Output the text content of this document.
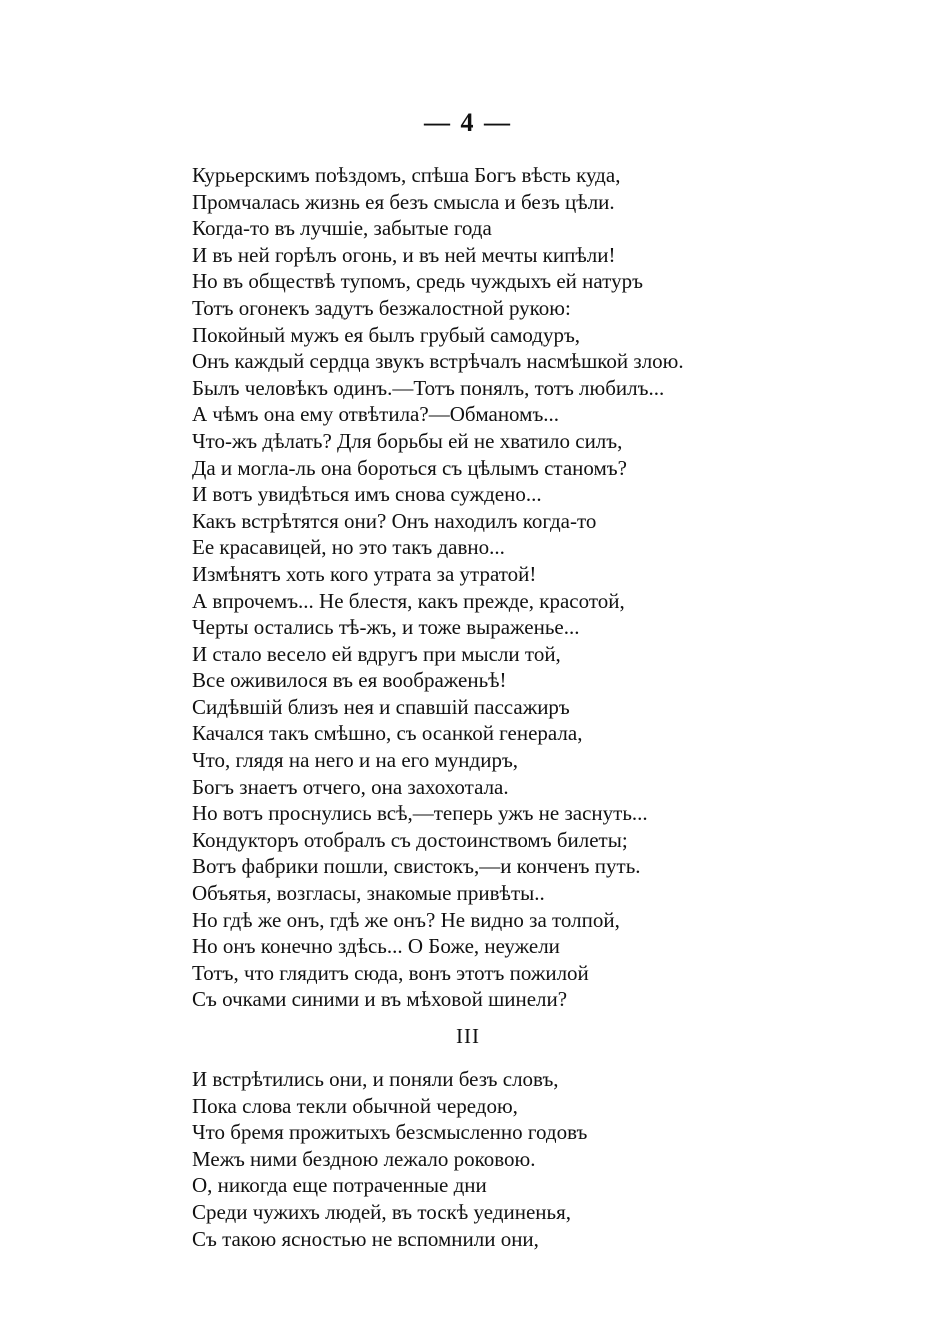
— 4 —
Курьерскимъ поѣздомъ, спѣша Богъ вѣсть куда,
Промчалась жизнь ея безъ смысла и безъ цѣли.
Когда-то въ лучшіе, забытые года
И въ ней горѣлъ огонь, и въ ней мечты кипѣли!
Но въ обществѣ тупомъ, средь чуждыхъ ей натуръ
Тотъ огонекъ задутъ безжалостной рукою:
Покойный мужъ ея былъ грубый самодуръ,
Онъ каждый сердца звукъ встрѣчалъ насмѣшкой злою.
Былъ человѣкъ одинъ.—Тотъ понялъ, тотъ любилъ...
А чѣмъ она ему отвѣтила?—Обманомъ...
Что-жъ дѣлать? Для борьбы ей не хватило силъ,
Да и могла-ль она бороться съ цѣлымъ станомъ?
И вотъ увидѣться имъ снова суждено...
Какъ встрѣтятся они? Онъ находилъ когда-то
Ее красавицей, но это такъ давно...
Измѣнятъ хоть кого утрата за утратой!
А впрочемъ... Не блестя, какъ прежде, красотой,
Черты остались тѣ-жъ, и тоже выраженье...
И стало весело ей вдругъ при мысли той,
Все оживилося въ ея воображеньѣ!
Сидѣвшій близъ нея и спавшій пассажиръ
Качался такъ смѣшно, съ осанкой генерала,
Что, глядя на него и на его мундиръ,
Богъ знаетъ отчего, она захохотала.
Но вотъ проснулись всѣ,—теперь ужъ не заснуть...
Кондукторъ отобралъ съ достоинствомъ билеты;
Вотъ фабрики пошли, свистокъ,—и конченъ путь.
Объятья, возгласы, знакомые привѣты..
Но гдѣ же онъ, гдѣ же онъ? Не видно за толпой,
Но онъ конечно здѣсь... О Боже, неужели
Тотъ, что глядитъ сюда, вонъ этотъ пожилой
Съ очками синими и въ мѣховой шинели?
III
И встрѣтились они, и поняли безъ словъ,
Пока слова текли обычной чередою,
Что бремя прожитыхъ безсмысленно годовъ
Межъ ними бездною лежало роковою.
О, никогда еще потраченные дни
Среди чужихъ людей, въ тоскѣ уединенья,
Съ такою ясностью не вспомнили они,
